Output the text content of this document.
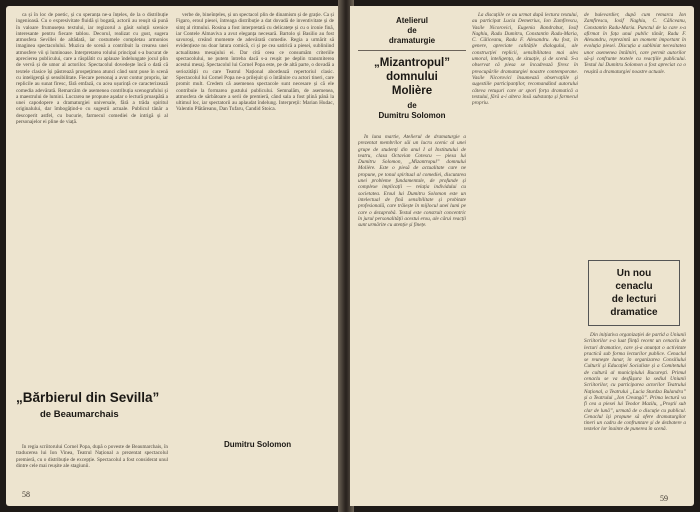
ca și în loc de poetic, și cu speranța ne-a înțeles, de la o distribuție ingenioasă. Cu o expresivitate fluidă și bogată, actorii au reușit să pună în valoare frumusețea textului, iar regizorul a găsit soluții scenice interesante pentru fiecare tablou. Decorul, realizat cu gust, sugera atmosfera Sevillei de altădată, iar costumele completau armonios imaginea spectacolului. Muzica de scenă a contribuit la crearea unei atmosfere vii și luminoase. Interpretarea rolului principal s-a bucurat de aprecierea publicului, care a răsplătit cu aplauze îndelungate jocul plin de vervă și de umor al actorilor. Spectacolul dovedește încă o dată că textele clasice își păstrează prospețimea atunci când sunt puse în scenă cu inteligență și sensibilitate. Fiecare personaj a avut contur propriu, iar replicile au sunat firesc, fără emfază, cu acea ușurință ce caracterizează comedia adevărată. Remarcăm de asemenea contribuția scenografului și a maestrului de lumini. Lucrarea ne propune așadar o lectură proaspătă a unei capodopere a dramaturgiei universale, fără a trăda spiritul originalului, dar îmbogățind-o cu sugestii actuale. Publicul tânăr a descoperit astfel, cu bucurie, farmecul comediei de intrigă și al personajelor ei pline de viață.

verbe de, bineînțeles, și un spectacol plin de dinamism și de grație. Ca și Figaro, eroul piesei, întreaga distribuție a dat dovadă de inventivitate și de simț al ritmului. Rosina a fost interpretată cu delicatețe și cu o ironie fină, iar Contele Almaviva a avut eleganța necesară. Bartolo și Basilio au fost savuroși, creând momente de adevărată comedie. Regia a urmărit să evidențieze nu doar latura comică, ci și pe cea satirică a piesei, subliniind actualitatea mesajului ei. Dar cită ceea ce consumăm criteriile spectacolului, ne putem întreba dacă s-a reușit pe deplin transmiterea acestui mesaj. Spectacolul lui Cornel Popa este, pe de altă parte, o dovadă a seriozității cu care Teatrul Național abordează repertoriul clasic. Spectacolul lui Cornel Popa ne-a prilejuit și o întâlnire cu actori tineri, care promit mult. Credem că asemenea spectacole sunt necesare și că ele contribuie la formarea gustului publicului. Semnalăm, de asemenea, atmosfera de sărbătoare a serii de premieră, când sala a fost plină până la ultimul loc, iar spectatorii au aplaudat îndelung. Interpreții: Marian Hudac, Valentin Plătăreanu, Dan Tufaru, Candid Stoica.

„Bărbierul din Sevilla”
de Beaumarchais

În regia scriitorului Cornel Popa, după o poveste de Beaumarchais, în traducerea lui Ion Vinea, Teatrul Național a prezentat spectacolul premieră, cu o distribuție de excepție. Spectacolul a fost considerat unul dintre cele mai reușite ale stagiunii.

Dumitru Solomon
58
Atelierul
de
dramaturgie
„Mizantropul”
domnului
Molière
de
Dumitru Solomon

În luna martie, Atelierul de dramaturgie a prezentat membrilor săi un lucru scenic al unei grupe de studenți din anul I al Institutului de teatru, clasa Octavian Cotescu — piesa lui Dumitru Solomon, „Mizantropul” domnului Molière. Este o piesă de actualitate care ne propune, pe tonul spiritual al comediei, discutarea unei probleme fundamentale, de profunde și complexe implicații — relația individului cu societatea. Eroul lui Dumitru Solomon este un intelectual de fină sensibilitate și probitate profesională, care trăiește în mijlocul unei lumi pe care o dezaprobă. Textul este construit concentric în jurul personalității acestui erou, ale cărui reacții sunt urmărite cu atenție și finețe.

La discuțiile ce au urmat după lectura textului, au participat Lucia Demetrius, Ion Zamfirescu, Vasile Nicorovici, Eugenia Bandrabur, Iosif Naghiu, Radu Dumitru, Constantin Radu-Maria, C. Căliceanu, Radu F. Alexandru. Au fost, în genere, apreciate calitățile dialogului, ale construcției replicii, sensibilitatea mai ales umoral, inteligența, de situație, și de scenă. S-a observat că piesa se încadrează firesc în preocupările dramaturgiei noastre contemporane. Vasile Nicorovici însumează observațiile și sugestiile participanților, recomandând autorului câteva retușuri care ar spori forța dramatică a textului, fără a-i altera însă substanța și farmecul propriu.

de bulevardier, după cum remarca Ion Zamfirescu, Iosif Naghiu, C. Căliceanu, Constantin Radu-Maria. Punctul de la care s-a afirmat în fața unui public tânăr, Radu F. Alexandru, reprezintă un moment important în evoluția piesei. Discuția a subliniat necesitatea unor asemenea întâlniri, care permit autorilor să-și confrunte textele cu reacțiile publicului. Textul lui Dumitru Solomon a fost apreciat ca o reușită a dramaturgiei noastre actuale.

Un nou
cenaclu
de lecturi
dramatice

Din inițiativa organizației de partid a Uniunii Scriitorilor s-a luat ființă recent un cenaclu de lecturi dramatice, care și-a anunțat o activitate practică sub forma lecturilor publice. Cenaclul se reunește lunar, în organizarea Consiliului Culturii și Educației Socialiste și a Comitetului de cultură al municipiului București. Primul cenaclu se va desfășura la sediul Uniunii Scriitorilor, cu participarea actorilor Teatrului Național, a Teatrului „Lucia Sturdza Bulandra” și a Teatrului „Ion Creangă”. Prima lectură va fi cea a piesei lui Teodor Mazilu, „Proștii sub clar de lună”, urmată de o discuție cu publicul. Cenaclul își propune să ofere dramaturgilor tineri un cadru de confruntare și de dezbatere a textelor lor înainte de punerea în scenă.

59
